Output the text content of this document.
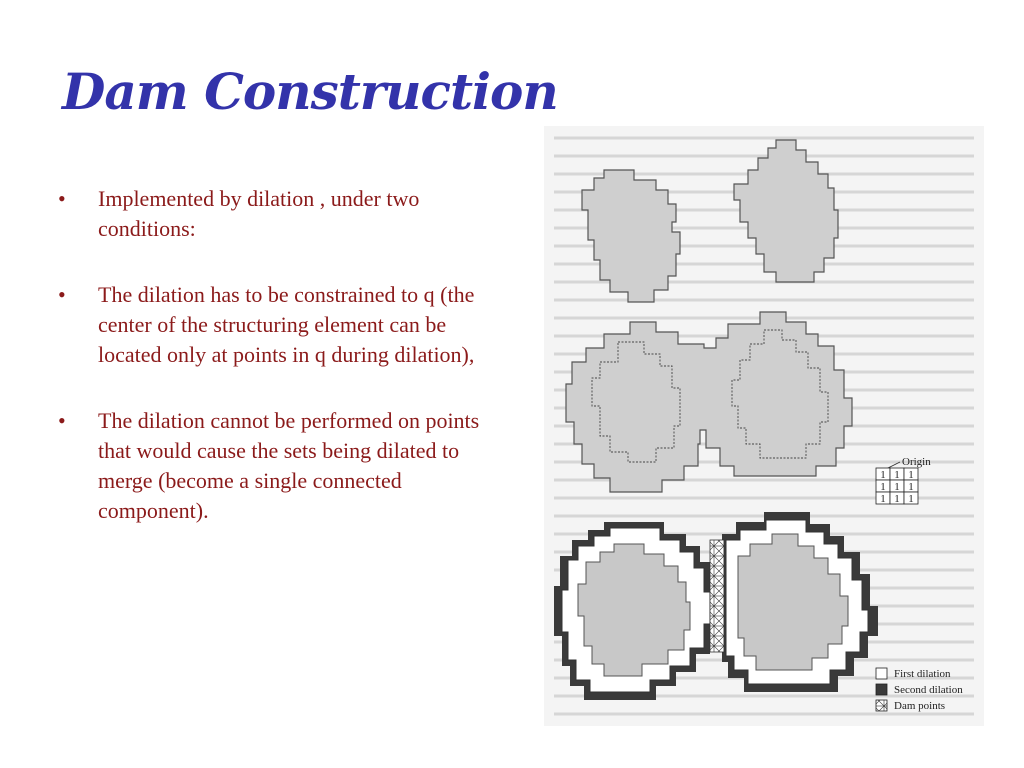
Dam Construction
•	Implemented by dilation , under two conditions:
•	The dilation has to be constrained to q (the center of the structuring element can be located only at points in q during dilation),
•	The dilation cannot be performed on points that would cause the sets being dilated to merge (become a single connected component).
Origin
1 1 1
1 1 1
1 1 1
First dilation
Second dilation
Dam points
